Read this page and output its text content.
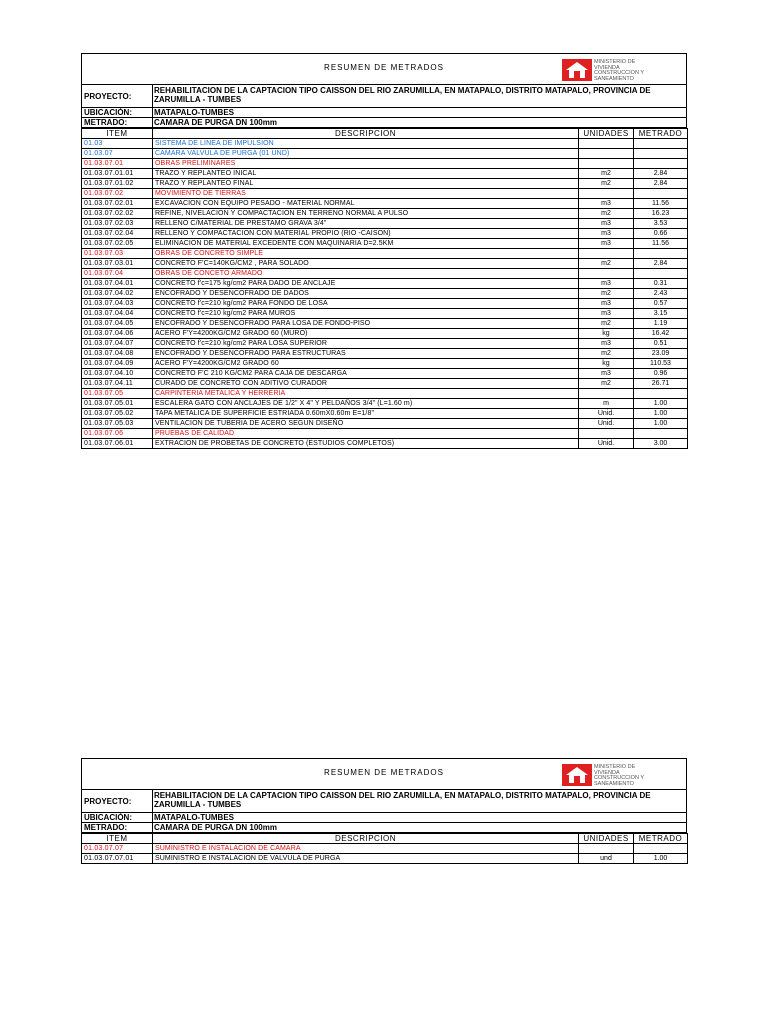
RESUMEN DE METRADOS
MINISTERIO DE
VIVIENDA
CONSTRUCCION Y
SANEAMIENTO
PROYECTO:
REHABILITACION DE LA CAPTACION TIPO CAISSON DEL RIO ZARUMILLA, EN MATAPALO, DISTRITO MATAPALO, PROVINCIA DE ZARUMILLA - TUMBES
UBICACIÓN:	MATAPALO-TUMBES
METRADO:	CAMARA DE PURGA DN 100mm
ITEM	DESCRIPCION	UNIDADES	METRADO
01.03	SISTEMA DE LINEA DE IMPULSION		
01.03.07	CAMARA VALVULA DE PURGA (01 UND)		
01.03.07.01	OBRAS PRELIMINARES		
01.03.07.01.01	TRAZO Y REPLANTEO INICAL	m2	2.84
01.03.07.01.02	TRAZO Y REPLANTEO FINAL	m2	2.84
01.03.07.02	MOVIMIENTO DE TIERRAS		
01.03.07.02.01	EXCAVACION CON EQUIPO PESADO - MATERIAL NORMAL	m3	11.56
01.03.07.02.02	REFINE, NIVELACION Y COMPACTACION EN TERRENO NORMAL A PULSO	m2	16.23
01.03.07.02.03	RELLENO C/MATERIAL DE PRESTAMO GRAVA 3/4"	m3	3.53
01.03.07.02.04	RELLENO Y COMPACTACION CON MATERIAL PROPIO (RIO -CAISON)	m3	0.66
01.03.07.02.05	ELIMINACION DE MATERIAL EXCEDENTE CON MAQUINARIA D=2.5KM	m3	11.56
01.03.07.03	OBRAS DE CONCRETO SIMPLE		
01.03.07.03.01	CONCRETO F'C=140KG/CM2 , PARA SOLADO	m2	2.84
01.03.07.04	OBRAS DE CONCETO ARMADO		
01.03.07.04.01	CONCRETO f'c=175 kg/cm2 PARA DADO DE ANCLAJE	m3	0.31
01.03.07.04.02	ENCOFRADO Y DESENCOFRADO DE DADOS	m2	2.43
01.03.07.04.03	CONCRETO f'c=210 kg/cm2 PARA FONDO DE LOSA	m3	0.57
01.03.07.04.04	CONCRETO f'c=210 kg/cm2 PARA MUROS	m3	3.15
01.03.07.04.05	ENCOFRADO Y DESENCOFRADO PARA LOSA DE FONDO-PISO	m2	1.19
01.03.07.04.06	ACERO F'Y=4200KG/CM2 GRADO 60 (MURO)	kg	16.42
01.03.07.04.07	CONCRETO f'c=210 kg/cm2 PARA LOSA SUPERIOR	m3	0.51
01.03.07.04.08	ENCOFRADO Y DESENCOFRADO PARA ESTRUCTURAS	m2	23.09
01.03.07.04.09	ACERO F'Y=4200KG/CM2 GRADO 60	kg	110.53
01.03.07.04.10	CONCRETO F'C 210 KG/CM2 PARA CAJA DE DESCARGA	m3	0.96
01.03.07.04.11	CURADO DE CONCRETO CON ADITIVO CURADOR	m2	26.71
01.03.07.05	CARPINTERIA METALICA Y HERRERIA		
01.03.07.05.01	ESCALERA GATO CON ANCLAJES DE 1/2" X 4" Y PELDAÑOS 3/4" (L=1.60 m)	m	1.00
01.03.07.05.02	TAPA METALICA DE SUPERFICIE ESTRIADA 0.60mX0.60m E=1/8"	Unid.	1.00
01.03.07.05.03	VENTILACION DE TUBERIA DE ACERO SEGUN DISEÑO	Unid.	1.00
01.03.07.06	PRUEBAS DE CALIDAD		
01.03.07.06.01	EXTRACION DE PROBETAS DE CONCRETO (ESTUDIOS COMPLETOS)	Unid.	3.00
RESUMEN DE METRADOS
MINISTERIO DE
VIVIENDA
CONSTRUCCION Y
SANEAMIENTO
PROYECTO:
REHABILITACION DE LA CAPTACION TIPO CAISSON DEL RIO ZARUMILLA, EN MATAPALO, DISTRITO MATAPALO, PROVINCIA DE ZARUMILLA - TUMBES
UBICACIÓN:	MATAPALO-TUMBES
METRADO:	CAMARA DE PURGA DN 100mm
ITEM	DESCRIPCION	UNIDADES	METRADO
01.03.07.07	SUMINISTRO E INSTALACION DE CAMARA		
01.03.07.07.01	SUMINISTRO E INSTALACION DE VALVULA DE PURGA	und	1.00
